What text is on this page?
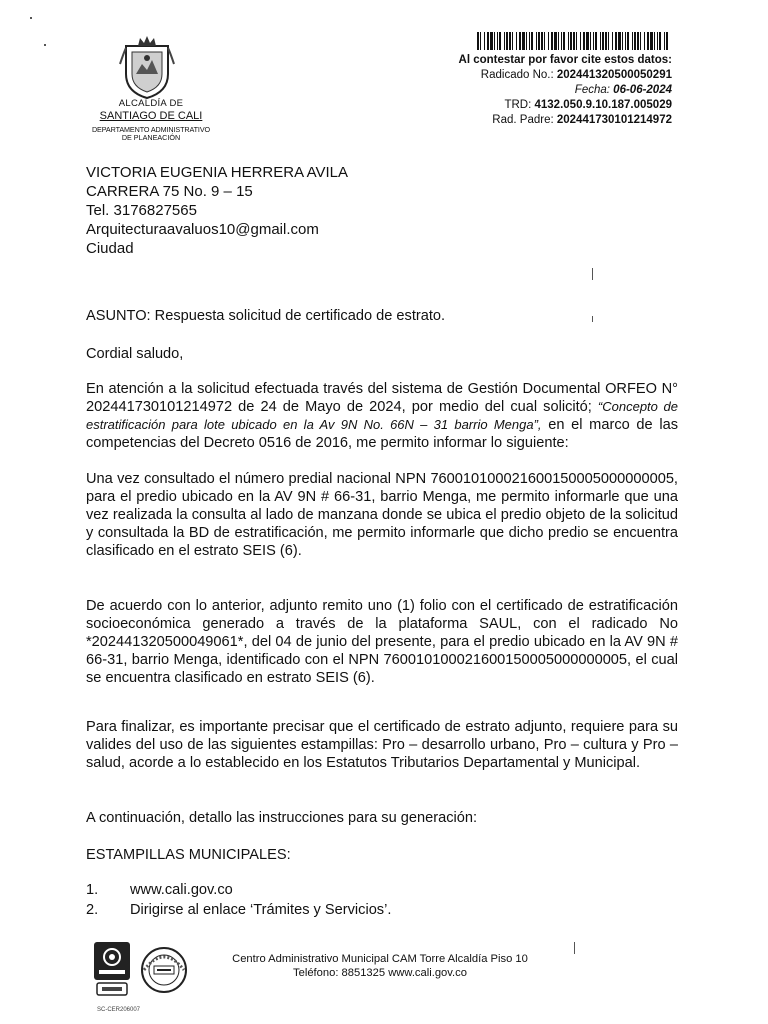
ALCALDÍA DE
SANTIAGO DE CALI
DEPARTAMENTO ADMINISTRATIVO
DE PLANEACIÓN
Al contestar por favor cite estos datos:
Radicado No.: 202441320500050291
Fecha: 06-06-2024
TRD: 4132.050.9.10.187.005029
Rad. Padre: 202441730101214972
VICTORIA EUGENIA HERRERA AVILA
CARRERA 75 No. 9 – 15
Tel. 3176827565
Arquitecturaavaluos10@gmail.com
Ciudad
ASUNTO: Respuesta solicitud de certificado de estrato.
Cordial saludo,
En atención a la solicitud efectuada través del sistema de Gestión Documental ORFEO N° 202441730101214972 de 24 de Mayo de 2024, por medio del cual solicitó; “Concepto de estratificación para lote ubicado en la Av 9N No. 66N – 31 barrio Menga”, en el marco de las competencias del Decreto 0516 de 2016, me permito informar lo siguiente:
Una vez consultado el número predial nacional NPN 760010100021600150005000000005, para el predio ubicado en la AV 9N # 66-31, barrio Menga, me permito informarle que una vez realizada la consulta al lado de manzana donde se ubica el predio objeto de la solicitud y consultada la BD de estratificación, me permito informarle que dicho predio se encuentra clasificado en el estrato SEIS (6).
De acuerdo con lo anterior, adjunto remito uno (1) folio con el certificado de estratificación socioeconómica generado a través de la plataforma SAUL, con el radicado No *202441320500049061*, del 04 de junio del presente, para el predio ubicado en la AV 9N # 66-31, barrio Menga, identificado con el NPN 760010100021600150005000000005, el cual se encuentra clasificado en estrato SEIS (6).
Para finalizar, es importante precisar que el certificado de estrato adjunto, requiere para su valides del uso de las siguientes estampillas: Pro – desarrollo urbano, Pro – cultura y Pro – salud, acorde a lo establecido en los Estatutos Tributarios Departamental y Municipal.
A continuación, detallo las instrucciones para su generación:
ESTAMPILLAS MUNICIPALES:
1. www.cali.gov.co
2. Dirigirse al enlace ‘Trámites y Servicios’.
Centro Administrativo Municipal CAM Torre Alcaldía Piso 10
Teléfono: 8851325 www.cali.gov.co
SC-CER206007
